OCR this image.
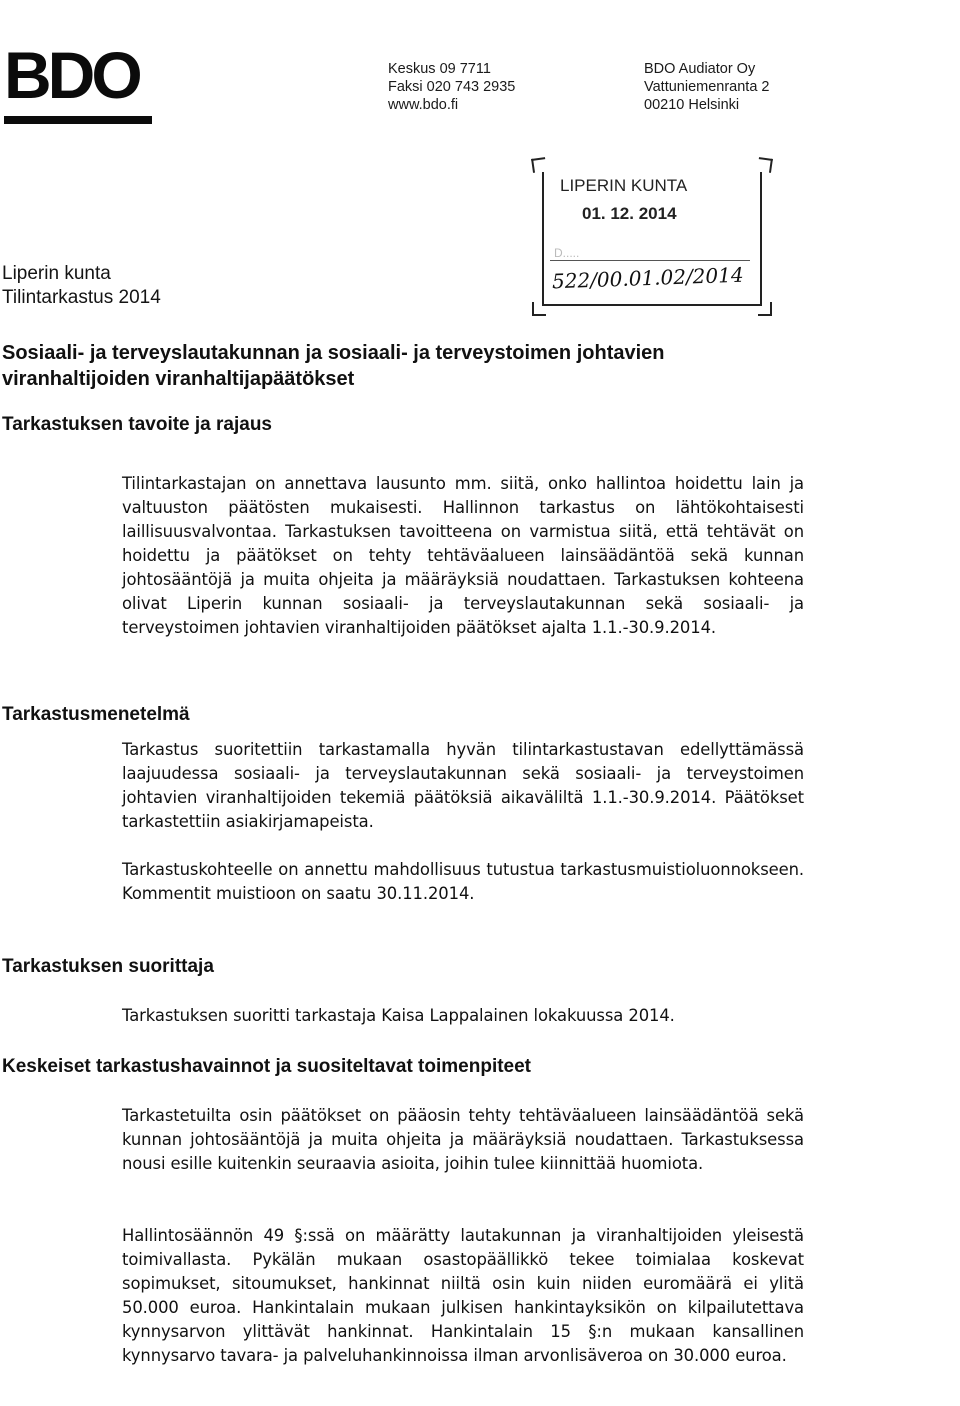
BDO	Keskus 09 7711
Faksi 020 743 2935
www.bdo.fi
BDO Audiator Oy
Vattuniemenranta 2
00210 Helsinki
LIPERIN KUNTA
01. 12. 2014
D.....
522/00.01.02/2014
Liperin kunta
Tilintarkastus 2014
Sosiaali- ja terveyslautakunnan ja sosiaali- ja terveystoimen johtavien viranhaltijoiden viranhaltijapäätökset
Tarkastuksen tavoite ja rajaus
Tilintarkastajan on annettava lausunto mm. siitä, onko hallintoa hoidettu lain ja valtuuston päätösten mukaisesti. Hallinnon tarkastus on lähtökohtaisesti laillisuusvalvontaa. Tarkastuksen tavoitteena on varmistua siitä, että tehtävät on hoidettu ja päätökset on tehty tehtäväalueen lainsäädäntöä sekä kunnan johtosääntöjä ja muita ohjeita ja määräyksiä noudattaen. Tarkastuksen kohteena olivat Liperin kunnan sosiaali- ja terveyslautakunnan sekä sosiaali- ja terveystoimen johtavien viranhaltijoiden päätökset ajalta 1.1.-30.9.2014.
Tarkastusmenetelmä
Tarkastus suoritettiin tarkastamalla hyvän tilintarkastustavan edellyttämässä laajuudessa sosiaali- ja terveyslautakunnan sekä sosiaali- ja terveystoimen johtavien viranhaltijoiden tekemiä päätöksiä aikaväliltä 1.1.-30.9.2014. Päätökset tarkastettiin asiakirjamapeista.
Tarkastuskohteelle on annettu mahdollisuus tutustua tarkastusmuistioluonnokseen. Kommentit muistioon on saatu 30.11.2014.
Tarkastuksen suorittaja
Tarkastuksen suoritti tarkastaja Kaisa Lappalainen lokakuussa 2014.
Keskeiset tarkastushavainnot ja suositeltavat toimenpiteet
Tarkastetuilta osin päätökset on pääosin tehty tehtäväalueen lainsäädäntöä sekä kunnan johtosääntöjä ja muita ohjeita ja määräyksiä noudattaen. Tarkastuksessa nousi esille kuitenkin seuraavia asioita, joihin tulee kiinnittää huomiota.
Hallintosäännön 49 §:ssä on määrätty lautakunnan ja viranhaltijoiden yleisestä toimivallasta. Pykälän mukaan osastopäällikkö tekee toimialaa koskevat sopimukset, sitoumukset, hankinnat niiltä osin kuin niiden euromäärä ei ylitä 50.000 euroa. Hankintalain mukaan julkisen hankintayksikön on kilpailutettava kynnysarvon ylittävät hankinnat. Hankintalain 15 §:n mukaan kansallinen kynnysarvo tavara- ja palveluhankinnoissa ilman arvonlisäveroa on 30.000 euroa.
